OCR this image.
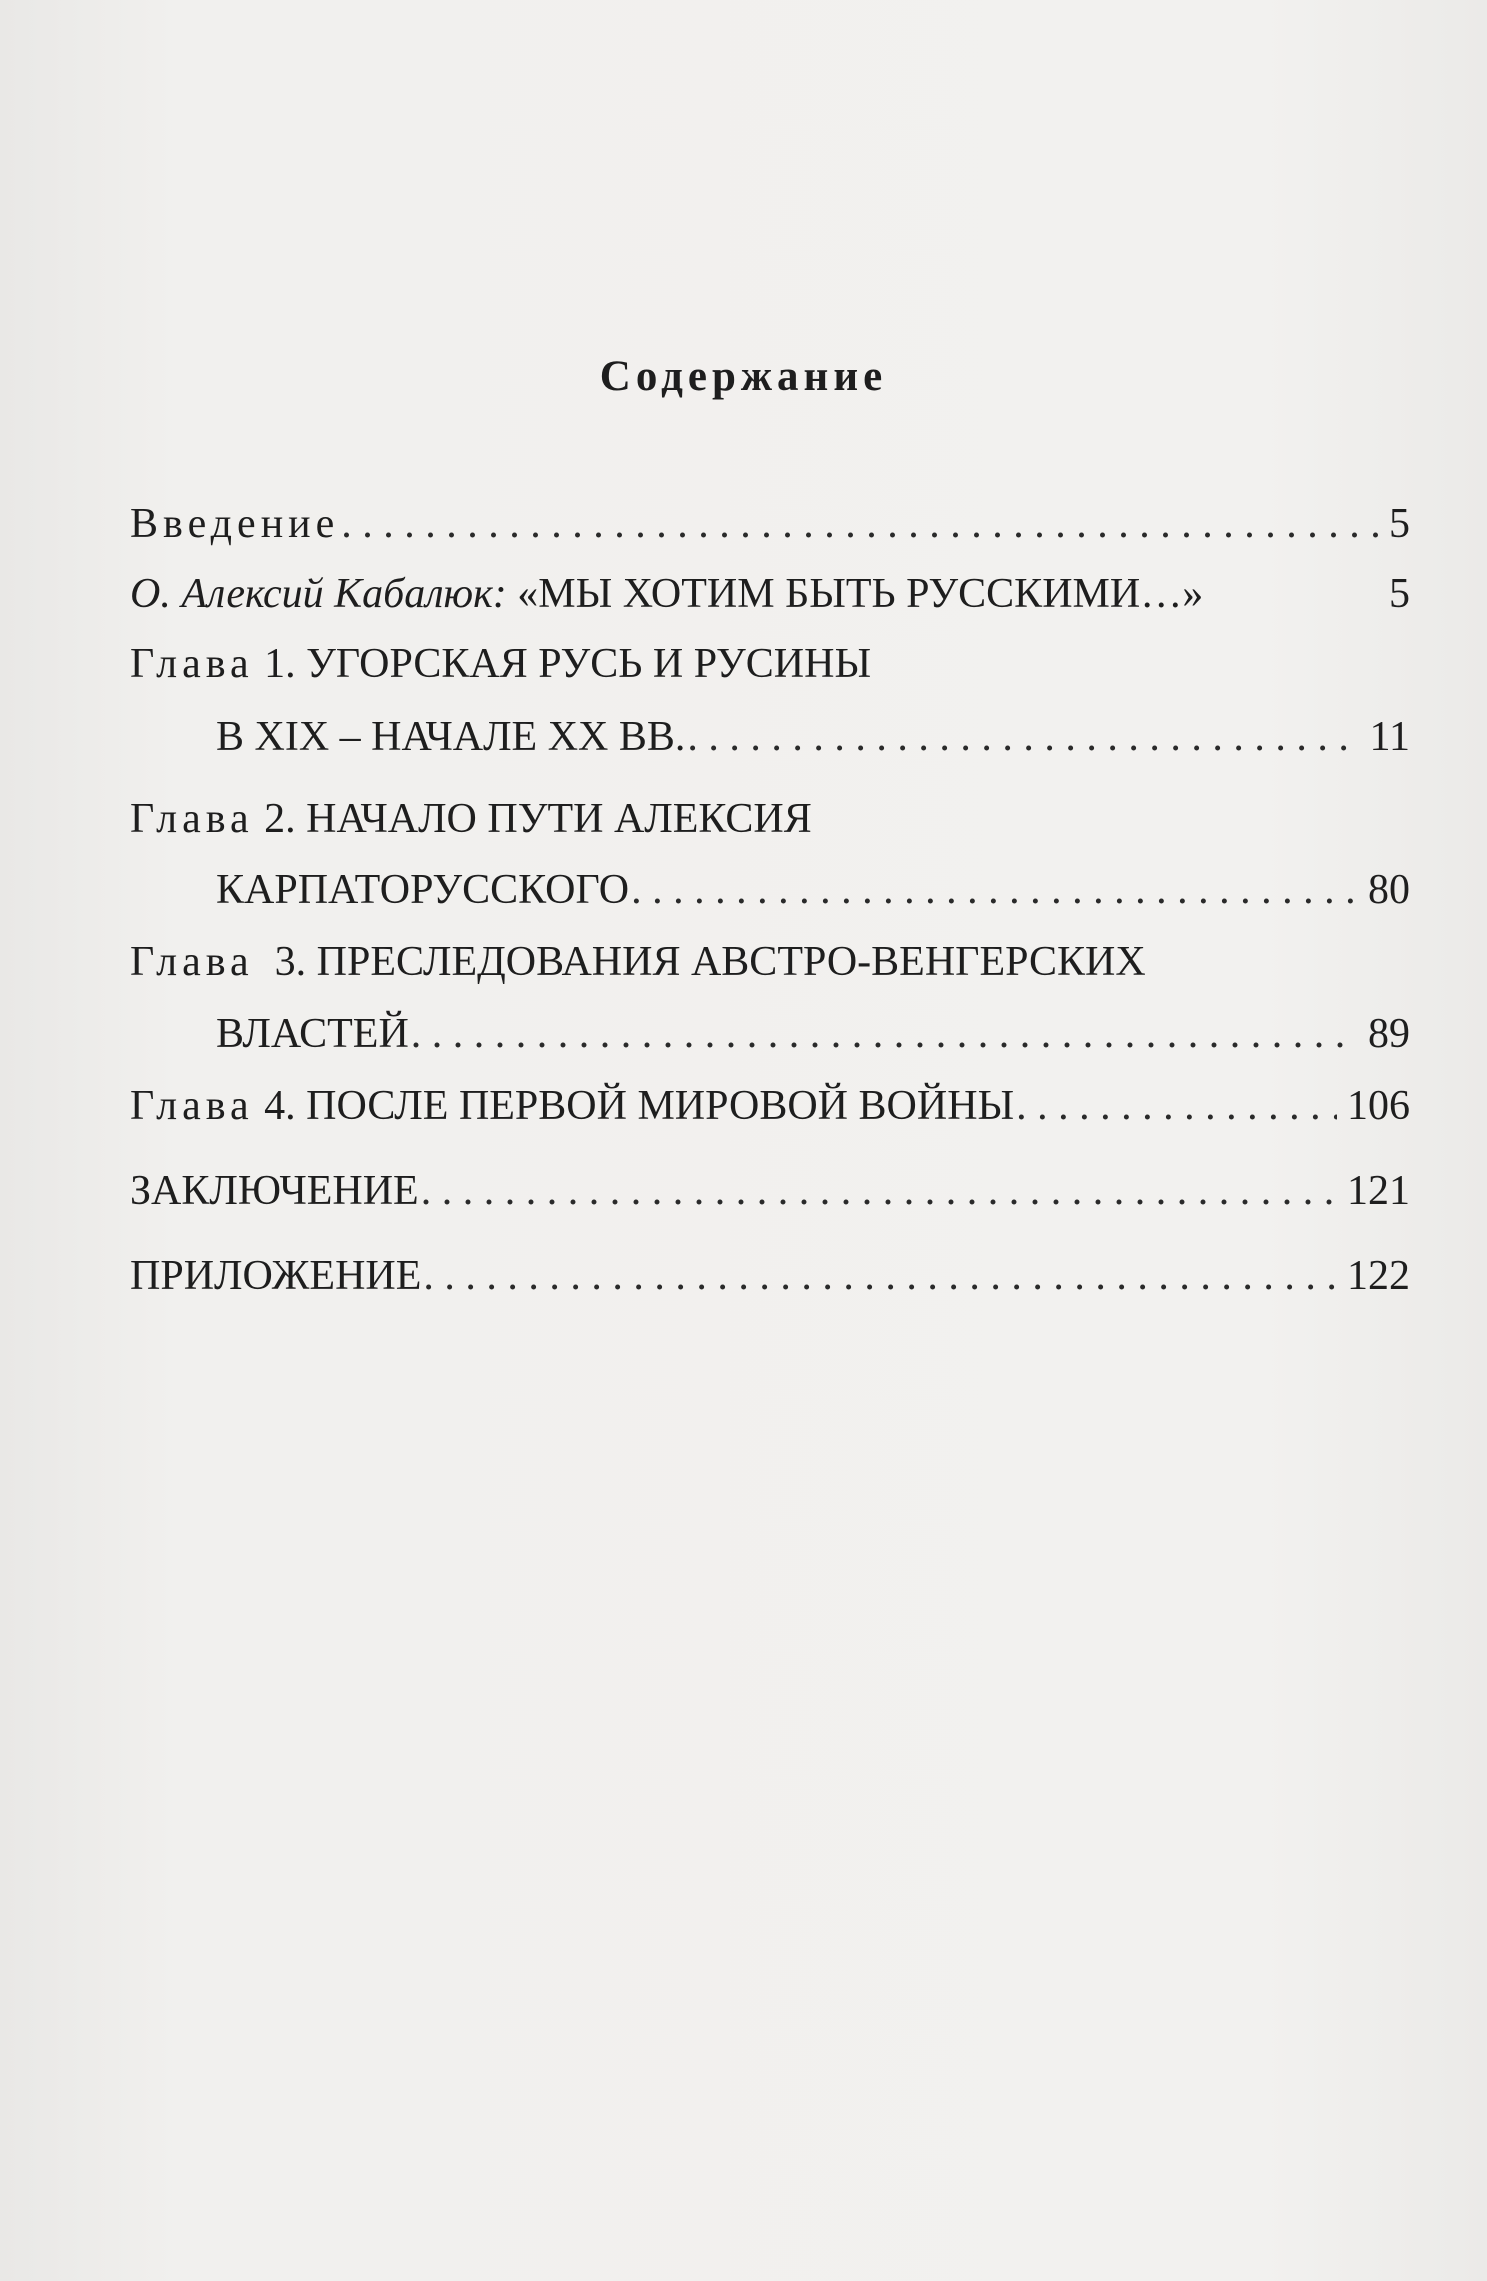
Содержание
Введение . . .	5
О. Алексий Кабалюк: «МЫ ХОТИМ БЫТЬ РУССКИМИ…»	5
Глава 1. УГОРСКАЯ РУСЬ И РУСИНЫ
В XIX – НАЧАЛЕ XX ВВ. . . .	11
Глава 2. НАЧАЛО ПУТИ АЛЕКСИЯ
КАРПАТОРУССКОГО . . .	80
Глава 3. ПРЕСЛЕДОВАНИЯ АВСТРО-ВЕНГЕРСКИХ
ВЛАСТЕЙ . . .	89
Глава 4. ПОСЛЕ ПЕРВОЙ МИРОВОЙ ВОЙНЫ . . .	106
ЗАКЛЮЧЕНИЕ . . .	121
ПРИЛОЖЕНИЕ . . .	122
